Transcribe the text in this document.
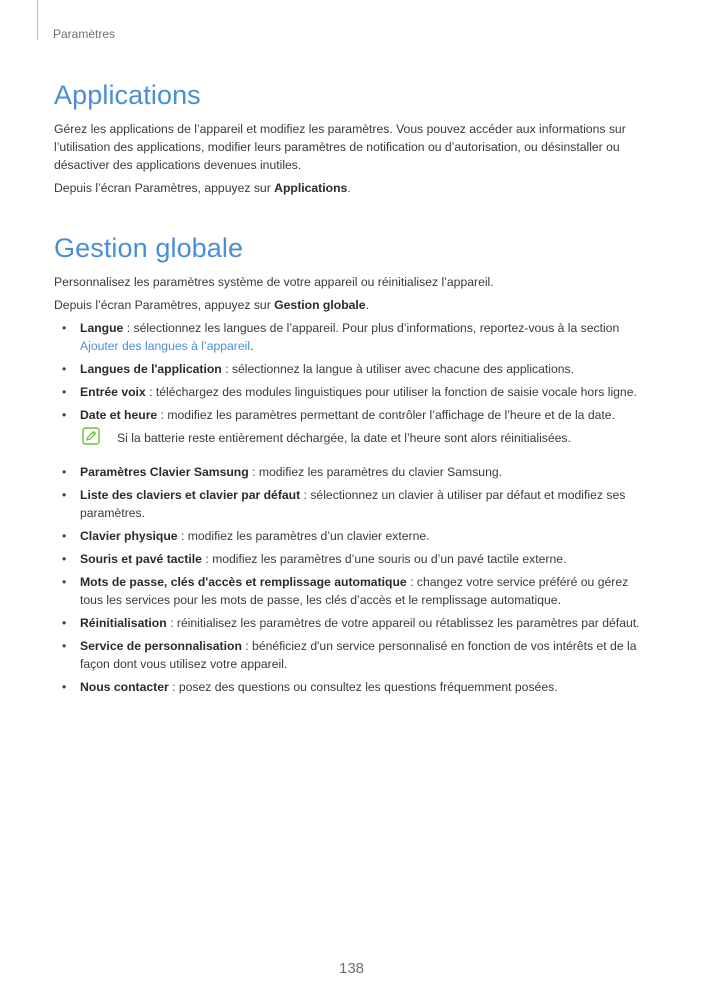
Paramètres
Applications

Gérez les applications de l’appareil et modifiez les paramètres. Vous pouvez accéder aux informations sur l’utilisation des applications, modifier leurs paramètres de notification ou d’autorisation, ou désinstaller ou désactiver des applications devenues inutiles.

Depuis l’écran Paramètres, appuyez sur Applications.

Gestion globale

Personnalisez les paramètres système de votre appareil ou réinitialisez l’appareil.

Depuis l’écran Paramètres, appuyez sur Gestion globale.

• Langue : sélectionnez les langues de l’appareil. Pour plus d’informations, reportez-vous à la section Ajouter des langues à l’appareil.
• Langues de l'application : sélectionnez la langue à utiliser avec chacune des applications.
• Entrée voix : téléchargez des modules linguistiques pour utiliser la fonction de saisie vocale hors ligne.
• Date et heure : modifiez les paramètres permettant de contrôler l’affichage de l’heure et de la date.
Si la batterie reste entièrement déchargée, la date et l’heure sont alors réinitialisées.
• Paramètres Clavier Samsung : modifiez les paramètres du clavier Samsung.
• Liste des claviers et clavier par défaut : sélectionnez un clavier à utiliser par défaut et modifiez ses paramètres.
• Clavier physique : modifiez les paramètres d’un clavier externe.
• Souris et pavé tactile : modifiez les paramètres d’une souris ou d’un pavé tactile externe.
• Mots de passe, clés d'accès et remplissage automatique : changez votre service préféré ou gérez tous les services pour les mots de passe, les clés d’accès et le remplissage automatique.
• Réinitialisation : réinitialisez les paramètres de votre appareil ou rétablissez les paramètres par défaut.
• Service de personnalisation : bénéficiez d'un service personnalisé en fonction de vos intérêts et de la façon dont vous utilisez votre appareil.
• Nous contacter : posez des questions ou consultez les questions fréquemment posées.
138
